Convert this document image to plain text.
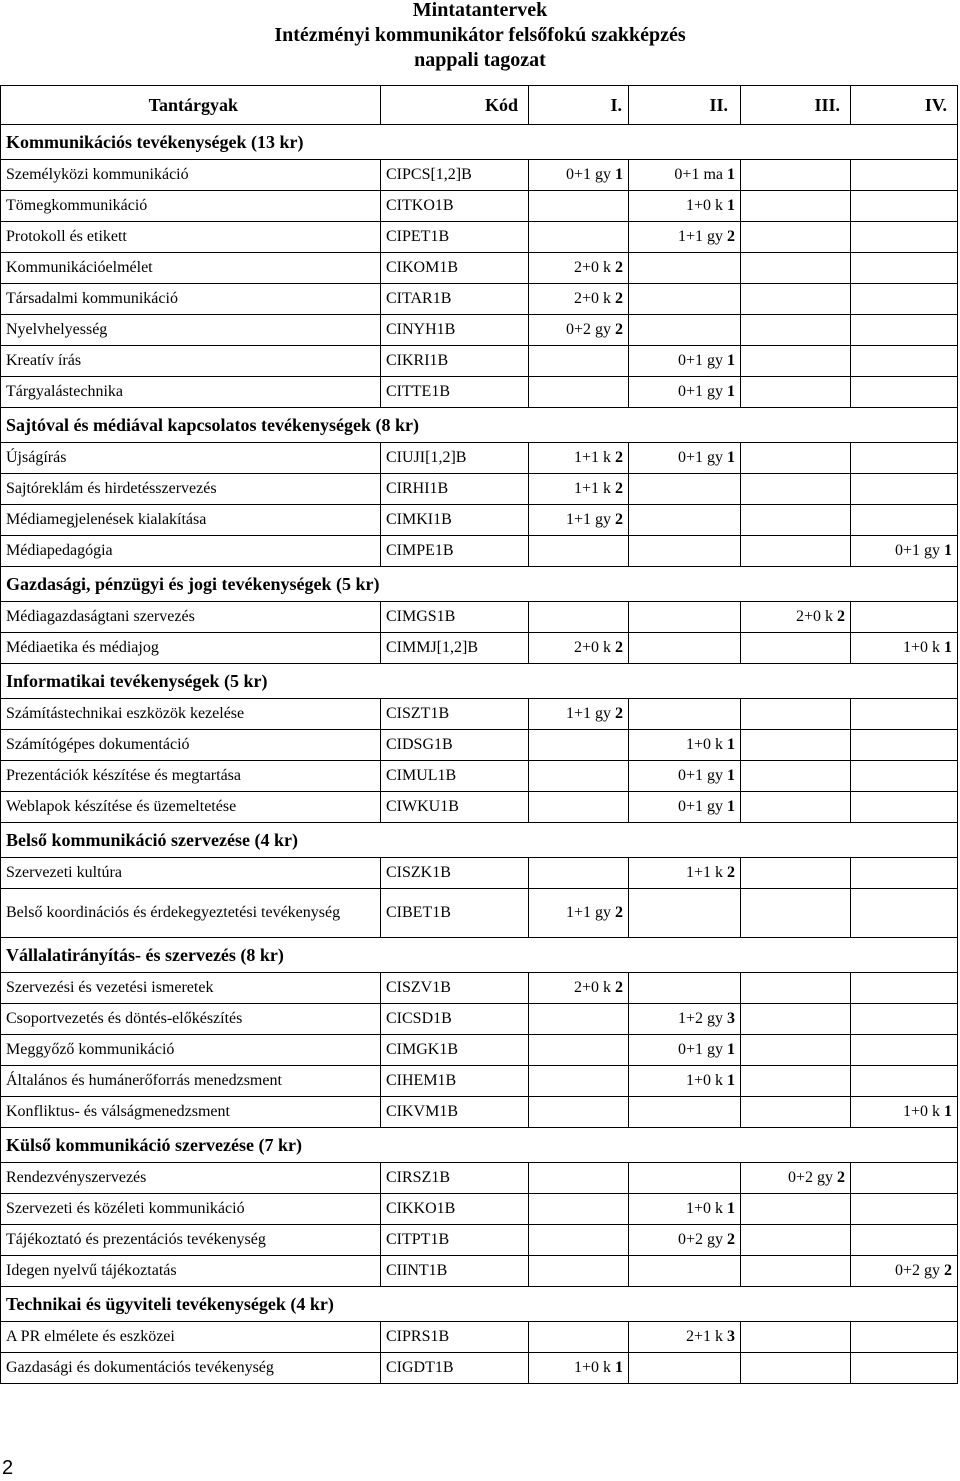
Mintatantervek
Intézményi kommunikátor felsőfokú szakképzés
nappali tagozat
Tantárgyak	Kód	I.	II.	III.	IV.
Kommunikációs tevékenységek (13 kr)					
Személyközi kommunikáció	CIPCS[1,2]B	0+1 gy 1	0+1 ma 1		
Tömegkommunikáció	CITKO1B		1+0 k 1		
Protokoll és etikett	CIPET1B		1+1 gy 2		
Kommunikációelmélet	CIKOM1B	2+0 k 2			
Társadalmi kommunikáció	CITAR1B	2+0 k 2			
Nyelvhelyesség	CINYH1B	0+2 gy 2			
Kreatív írás	CIKRI1B		0+1 gy 1		
Tárgyalástechnika	CITTE1B		0+1 gy 1		
Sajtóval és médiával kapcsolatos tevékenységek (8 kr)					
Újságírás	CIUJI[1,2]B	1+1 k 2	0+1 gy 1		
Sajtóreklám és hirdetésszervezés	CIRHI1B	1+1 k 2			
Médiamegjelenések kialakítása	CIMKI1B	1+1 gy 2			
Médiapedagógia	CIMPE1B				0+1 gy 1
Gazdasági, pénzügyi és jogi tevékenységek (5 kr)					
Médiagazdaságtani szervezés	CIMGS1B			2+0 k 2	
Médiaetika és médiajog	CIMMJ[1,2]B	2+0 k 2			1+0 k 1
Informatikai tevékenységek (5 kr)					
Számítástechnikai eszközök kezelése	CISZT1B	1+1 gy 2			
Számítógépes dokumentáció	CIDSG1B		1+0 k 1		
Prezentációk készítése és megtartása	CIMUL1B		0+1 gy 1		
Weblapok készítése és üzemeltetése	CIWKU1B		0+1 gy 1		
Belső kommunikáció szervezése (4 kr)					
Szervezeti kultúra	CISZK1B		1+1 k 2		
Belső koordinációs és érdekegyeztetési tevékenység	CIBET1B	1+1 gy 2			
Vállalatirányítás- és szervezés (8 kr)					
Szervezési és vezetési ismeretek	CISZV1B	2+0 k 2			
Csoportvezetés és döntés-előkészítés	CICSD1B		1+2 gy 3		
Meggyőző kommunikáció	CIMGK1B		0+1 gy 1		
Általános és humánerőforrás menedzsment	CIHEM1B		1+0 k 1		
Konfliktus- és válságmenedzsment	CIKVM1B				1+0 k 1
Külső kommunikáció szervezése (7 kr)					
Rendezvényszervezés	CIRSZ1B			0+2 gy 2	
Szervezeti és közéleti kommunikáció	CIKKO1B		1+0 k 1		
Tájékoztató és prezentációs tevékenység	CITPT1B		0+2 gy 2		
Idegen nyelvű tájékoztatás	CIINT1B				0+2 gy 2
Technikai és ügyviteli tevékenységek (4 kr)					
A PR elmélete és eszközei	CIPRS1B		2+1 k 3		
Gazdasági és dokumentációs tevékenység	CIGDT1B	1+0 k 1			
2
